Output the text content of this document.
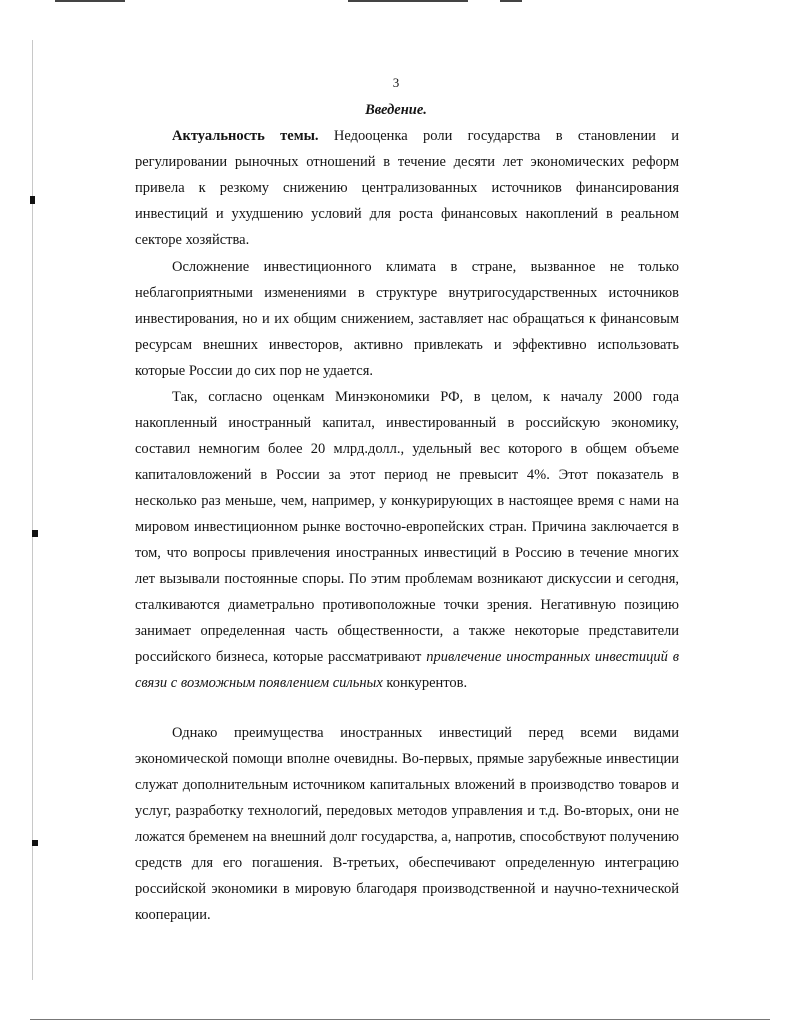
3
Введение.

Актуальность темы. Недооценка роли государства в становлении и регулировании рыночных отношений в течение десяти лет экономических реформ привела к резкому снижению централизованных источников финансирования инвестиций и ухудшению условий для роста финансовых накоплений в реальном секторе хозяйства.

Осложнение инвестиционного климата в стране, вызванное не только неблагоприятными изменениями в структуре внутригосударственных источников инвестирования, но и их общим снижением, заставляет нас обращаться к финансовым ресурсам внешних инвесторов, активно привлекать и эффективно использовать которые России до сих пор не удается.

Так, согласно оценкам Минэкономики РФ, в целом, к началу 2000 года накопленный иностранный капитал, инвестированный в российскую экономику, составил немногим более 20 млрд.долл., удельный вес которого в общем объеме капиталовложений в России за этот период не превысит 4%. Этот показатель в несколько раз меньше, чем, например, у конкурирующих в настоящее время с нами на мировом инвестиционном рынке восточно-европейских стран. Причина заключается в том, что вопросы привлечения иностранных инвестиций в Россию в течение многих лет вызывали постоянные споры. По этим проблемам возникают дискуссии и сегодня, сталкиваются диаметрально противоположные точки зрения. Негативную позицию занимает определенная часть общественности, а также некоторые представители российского бизнеса, которые рассматривают привлечение иностранных инвестиций в связи с возможным появлением сильных конкурентов.

Однако преимущества иностранных инвестиций перед всеми видами экономической помощи вполне очевидны. Во-первых, прямые зарубежные инвестиции служат дополнительным источником капитальных вложений в производство товаров и услуг, разработку технологий, передовых методов управления и т.д. Во-вторых, они не ложатся бременем на внешний долг государства, а, напротив, способствуют получению средств для его погашения. В-третьих, обеспечивают определенную интеграцию российской экономики в мировую благодаря производственной и научно-технической кооперации.
